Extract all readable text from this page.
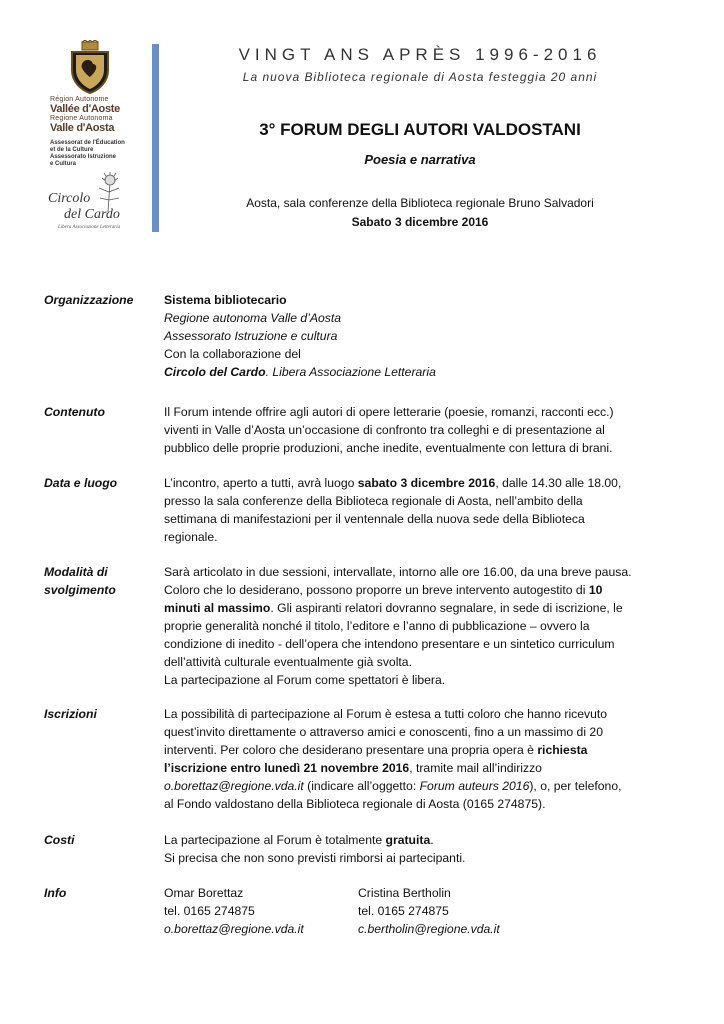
Région Autonome
Vallée d'Aoste
Regione Autonoma
Valle d'Aosta
Assessorat de l'Éducation
et de la Culture
Assessorato Istruzione
e Cultura
Circolo
del Cardo
Libera Associazione Letteraria
VINGT ANS APRÈS 1996-2016
La nuova Biblioteca regionale di Aosta festeggia 20 anni
3° FORUM DEGLI AUTORI VALDOSTANI
Poesia e narrativa
Aosta, sala conferenze della Biblioteca regionale Bruno Salvadori
Sabato 3 dicembre 2016
Organizzazione	Sistema bibliotecario

Regione autonoma Valle d’Aosta

Assessorato Istruzione e cultura

Con la collaborazione del

Circolo del Cardo. Libera Associazione Letteraria

Contenuto	Il Forum intende offrire agli autori di opere letterarie (poesie, romanzi, racconti ecc.)

viventi in Valle d’Aosta un’occasione di confronto tra colleghi e di presentazione al

pubblico delle proprie produzioni, anche inedite, eventualmente con lettura di brani.

Data e luogo	L’incontro, aperto a tutti, avrà luogo sabato 3 dicembre 2016, dalle 14.30 alle 18.00,

presso la sala conferenze della Biblioteca regionale di Aosta, nell’ambito della

settimana di manifestazioni per il ventennale della nuova sede della Biblioteca

regionale.

Modalità di
svolgimento

Sarà articolato in due sessioni, intervallate, intorno alle ore 16.00, da una breve pausa.

Coloro che lo desiderano, possono proporre un breve intervento autogestito di 10

minuti al massimo. Gli aspiranti relatori dovranno segnalare, in sede di iscrizione, le

proprie generalità nonché il titolo, l’editore e l’anno di pubblicazione – ovvero la

condizione di inedito - dell’opera che intendono presentare e un sintetico curriculum

dell’attività culturale eventualmente già svolta.

La partecipazione al Forum come spettatori è libera.

Iscrizioni	La possibilità di partecipazione al Forum è estesa a tutti coloro che hanno ricevuto

quest’invito direttamente o attraverso amici e conoscenti, fino a un massimo di 20

interventi. Per coloro che desiderano presentare una propria opera è richiesta

l’iscrizione entro lunedì 21 novembre 2016, tramite mail all’indirizzo

o.borettaz@regione.vda.it (indicare all’oggetto: Forum auteurs 2016), o, per telefono,

al Fondo valdostano della Biblioteca regionale di Aosta (0165 274875).

Costi	La partecipazione al Forum è totalmente gratuita.

Si precisa che non sono previsti rimborsi ai partecipanti.

Info	Omar Borettaz

tel. 0165 274875

o.borettaz@regione.vda.it

Cristina Bertholin

tel. 0165 274875

c.bertholin@regione.vda.it
